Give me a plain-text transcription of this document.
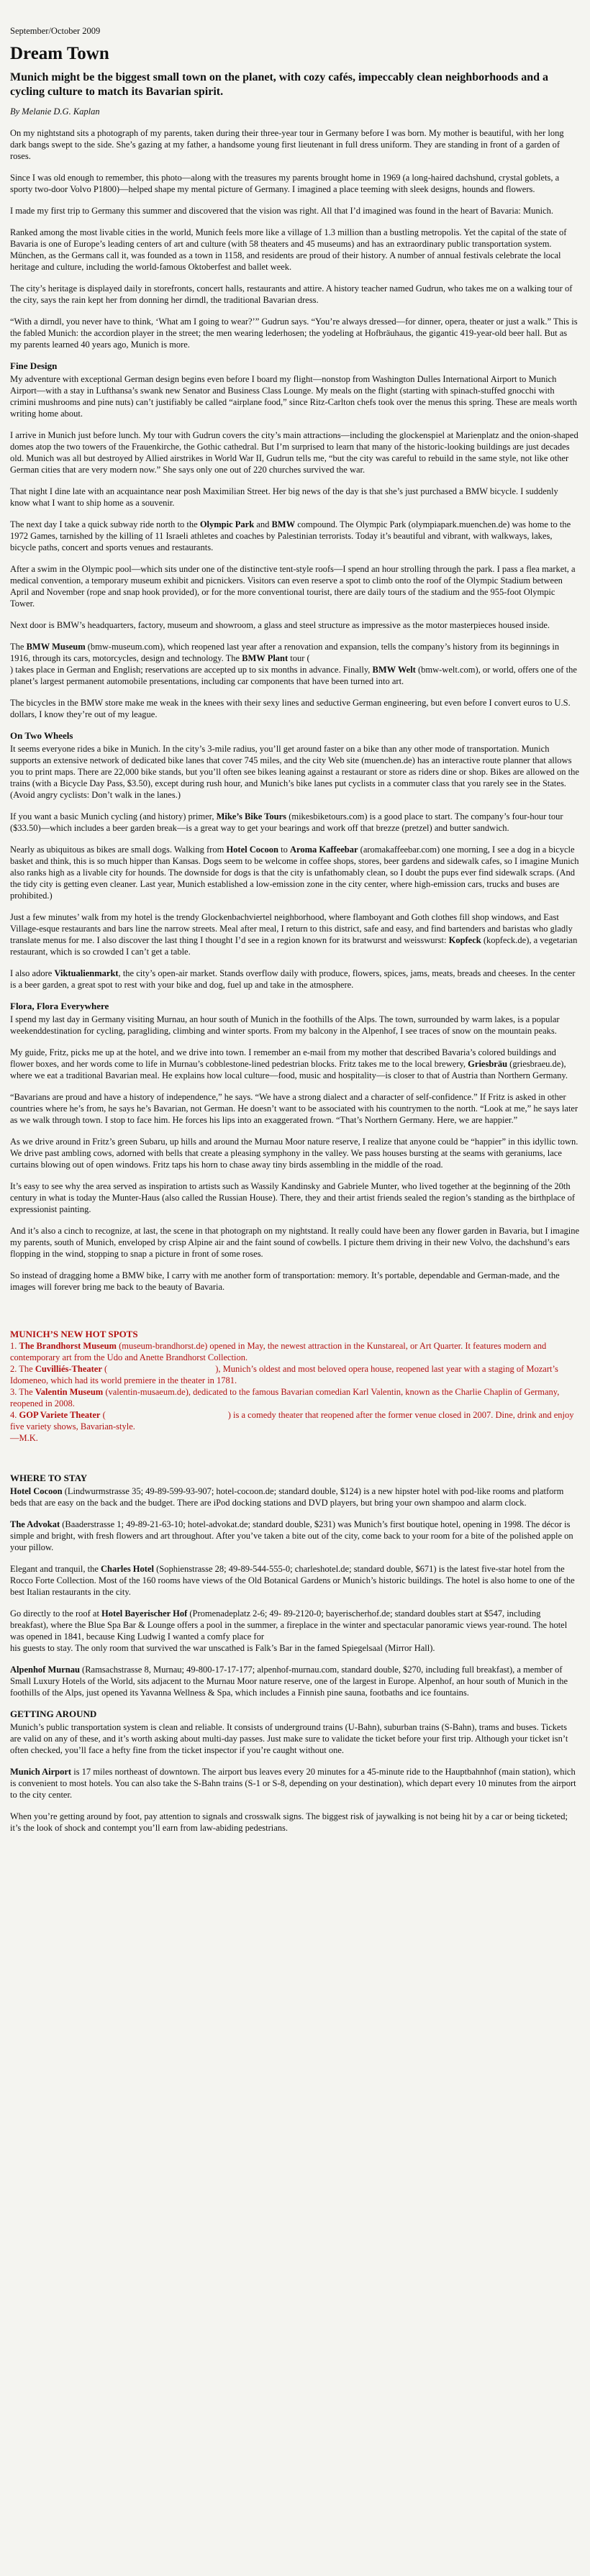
September/October 2009
Dream Town
Munich might be the biggest small town on the planet, with cozy cafés, impeccably clean neighborhoods and a cycling culture to match its Bavarian spirit.
By Melanie D.G. Kaplan

On my nightstand sits a photograph of my parents, taken during their three-year tour in Germany before I was born. My mother is beautiful, with her long dark bangs swept to the side. She’s gazing at my father, a handsome young first lieutenant in full dress uniform. They are standing in front of a garden of roses.

Since I was old enough to remember, this photo—along with the treasures my parents brought home in 1969 (a long-haired dachshund, crystal goblets, a sporty two-door Volvo P1800)—helped shape my mental picture of Germany. I imagined a place teeming with sleek designs, hounds and flowers.

I made my first trip to Germany this summer and discovered that the vision was right. All that I’d imagined was found in the heart of Bavaria: Munich.

Ranked among the most livable cities in the world, Munich feels more like a village of 1.3 million than a bustling metropolis. Yet the capital of the state of Bavaria is one of Europe’s leading centers of art and culture (with 58 theaters and 45 museums) and has an extraordinary public transportation system. München, as the Germans call it, was founded as a town in 1158, and residents are proud of their history. A number of annual festivals celebrate the local heritage and culture, including the world-famous Oktoberfest and ballet week.

The city’s heritage is displayed daily in storefronts, concert halls, restaurants and attire. A history teacher named Gudrun, who takes me on a walking tour of the city, says the rain kept her from donning her dirndl, the traditional Bavarian dress.

“With a dirndl, you never have to think, ‘What am I going to wear?’” Gudrun says. “You’re always dressed—for dinner, opera, theater or just a walk.” This is the fabled Munich: the accordion player in the street; the men wearing lederhosen; the yodeling at Hofbräuhaus, the gigantic 419-year-old beer hall. But as my parents learned 40 years ago, Munich is more.

Fine Design

My adventure with exceptional German design begins even before I board my flight—nonstop from Washington Dulles International Airport to Munich Airport—with a stay in Lufthansa’s swank new Senator and Business Class Lounge. My meals on the flight (starting with spinach-stuffed gnocchi with crimini mushrooms and pine nuts) can’t justifiably be called “airplane food,” since Ritz-Carlton chefs took over the menus this spring. These are meals worth writing home about.

I arrive in Munich just before lunch. My tour with Gudrun covers the city’s main attractions—including the glockenspiel at Marienplatz and the onion-shaped domes atop the two towers of the Frauenkirche, the Gothic cathedral. But I’m surprised to learn that many of the historic-looking buildings are just decades old. Munich was all but destroyed by Allied airstrikes in World War II, Gudrun tells me, “but the city was careful to rebuild in the same style, not like other German cities that are very modern now.” She says only one out of 220 churches survived the war.

That night I dine late with an acquaintance near posh Maximilian Street. Her big news of the day is that she’s just purchased a BMW bicycle. I suddenly know what I want to ship home as a souvenir.

The next day I take a quick subway ride north to the Olympic Park and BMW compound. The Olympic Park (olympiapark.muenchen.de) was home to the 1972 Games, tarnished by the killing of 11 Israeli athletes and coaches by Palestinian terrorists. Today it’s beautiful and vibrant, with walkways, lakes, bicycle paths, concert and sports venues and restaurants.

After a swim in the Olympic pool—which sits under one of the distinctive tent-style roofs—I spend an hour strolling through the park. I pass a flea market, a medical convention, a temporary museum exhibit and picnickers. Visitors can even reserve a spot to climb onto the roof of the Olympic Stadium between April and November (rope and snap hook provided), or for the more conventional tourist, there are daily tours of the stadium and the 955-foot Olympic Tower.

Next door is BMW’s headquarters, factory, museum and showroom, a glass and steel structure as impressive as the motor masterpieces housed inside.

The BMW Museum (bmw-museum.com), which reopened last year after a renovation and expansion, tells the company’s history from its beginnings in 1916, through its cars, motorcycles, design and technology. The BMW Plant tour (
) takes place in German and English; reservations are accepted up to six months in advance. Finally, BMW Welt (bmw-welt.com), or world, offers one of the planet’s largest permanent automobile presentations, including car components that have been turned into art.

The bicycles in the BMW store make me weak in the knees with their sexy lines and seductive German engineering, but even before I convert euros to U.S. dollars, I know they’re out of my league.

On Two Wheels

It seems everyone rides a bike in Munich. In the city’s 3-mile radius, you’ll get around faster on a bike than any other mode of transportation. Munich supports an extensive network of dedicated bike lanes that cover 745 miles, and the city Web site (muenchen.de) has an interactive route planner that allows you to print maps. There are 22,000 bike stands, but you’ll often see bikes leaning against a restaurant or store as riders dine or shop. Bikes are allowed on the trains (with a Bicycle Day Pass, $3.50), except during rush hour, and Munich’s bike lanes put cyclists in a commuter class that you rarely see in the States. (Avoid angry cyclists: Don’t walk in the lanes.)

If you want a basic Munich cycling (and history) primer, Mike’s Bike Tours (mikesbiketours.com) is a good place to start. The company’s four-hour tour ($33.50)—which includes a beer garden break—is a great way to get your bearings and work off that brezze (pretzel) and butter sandwich.

Nearly as ubiquitous as bikes are small dogs. Walking from Hotel Cocoon to Aroma Kaffeebar (aromakaffeebar.com) one morning, I see a dog in a bicycle basket and think, this is so much hipper than Kansas. Dogs seem to be welcome in coffee shops, stores, beer gardens and sidewalk cafes, so I imagine Munich also ranks high as a livable city for hounds. The downside for dogs is that the city is unfathomably clean, so I doubt the pups ever find sidewalk scraps. (And the tidy city is getting even cleaner. Last year, Munich established a low-emission zone in the city center, where high-emission cars, trucks and buses are prohibited.)

Just a few minutes’ walk from my hotel is the trendy Glockenbachviertel neighborhood, where flamboyant and Goth clothes fill shop windows, and East Village-esque restaurants and bars line the narrow streets. Meal after meal, I return to this district, safe and easy, and find bartenders and baristas who gladly translate menus for me. I also discover the last thing I thought I’d see in a region known for its bratwurst and weisswurst: Kopfeck (kopfeck.de), a vegetarian restaurant, which is so crowded I can’t get a table.

I also adore Viktualienmarkt, the city’s open-air market. Stands overflow daily with produce, flowers, spices, jams, meats, breads and cheeses. In the center is a beer garden, a great spot to rest with your bike and dog, fuel up and take in the atmosphere.

Flora, Flora Everywhere

I spend my last day in Germany visiting Murnau, an hour south of Munich in the foothills of the Alps. The town, surrounded by warm lakes, is a popular weekenddestination for cycling, paragliding, climbing and winter sports. From my balcony in the Alpenhof, I see traces of snow on the mountain peaks.

My guide, Fritz, picks me up at the hotel, and we drive into town. I remember an e-mail from my mother that described Bavaria’s colored buildings and flower boxes, and her words come to life in Murnau’s cobblestone-lined pedestrian blocks. Fritz takes me to the local brewery, Griesbräu (griesbraeu.de), where we eat a traditional Bavarian meal. He explains how local culture—food, music and hospitality—is closer to that of Austria than Northern Germany.

“Bavarians are proud and have a history of independence,” he says. “We have a strong dialect and a character of self-confidence.” If Fritz is asked in other countries where he’s from, he says he’s Bavarian, not German. He doesn’t want to be associated with his countrymen to the north. “Look at me,” he says later as we walk through town. I stop to face him. He forces his lips into an exaggerated frown. “That’s Northern Germany. Here, we are happier.”

As we drive around in Fritz’s green Subaru, up hills and around the Murnau Moor nature reserve, I realize that anyone could be “happier” in this idyllic town. We drive past ambling cows, adorned with bells that create a pleasing symphony in the valley. We pass houses bursting at the seams with geraniums, lace curtains blowing out of open windows. Fritz taps his horn to chase away tiny birds assembling in the middle of the road.

It’s easy to see why the area served as inspiration to artists such as Wassily Kandinsky and Gabriele Munter, who lived together at the beginning of the 20th century in what is today the Munter-Haus (also called the Russian House). There, they and their artist friends sealed the region’s standing as the birthplace of expressionist painting.

And it’s also a cinch to recognize, at last, the scene in that photograph on my nightstand. It really could have been any flower garden in Bavaria, but I imagine my parents, south of Munich, enveloped by crisp Alpine air and the faint sound of cowbells. I picture them driving in their new Volvo, the dachshund’s ears flopping in the wind, stopping to snap a picture in front of some roses.

So instead of dragging home a BMW bike, I carry with me another form of transportation: memory. It’s portable, dependable and German-made, and the images will forever bring me back to the beauty of Bavaria.

MUNICH’S NEW HOT SPOTS
1. The Brandhorst Museum (museum-brandhorst.de) opened in May, the newest attraction in the Kunstareal, or Art Quarter. It features modern and contemporary art from the Udo and Anette Brandhorst Collection.
2. The Cuvilliés-Theater (	), Munich’s oldest and most beloved opera house, reopened last year with a staging of Mozart’s Idomeneo, which had its world premiere in the theater in 1781.
3. The Valentin Museum (valentin-musaeum.de), dedicated to the famous Bavarian comedian Karl Valentin, known as the Charlie Chaplin of Germany, reopened in 2008.
4. GOP Variete Theater (	) is a comedy theater that reopened after the former venue closed in 2007. Dine, drink and enjoy five variety shows, Bavarian-style.
—M.K.
WHERE TO STAY

Hotel Cocoon (Lindwurmstrasse 35; 49-89-599-93-907; hotel-cocoon.de; standard double, $124) is a new hipster hotel with pod-like rooms and platform beds that are easy on the back and the budget. There are iPod docking stations and DVD players, but bring your own shampoo and alarm clock.

The Advokat (Baaderstrasse 1; 49-89-21-63-10; hotel-advokat.de; standard double, $231) was Munich’s first boutique hotel, opening in 1998. The décor is simple and bright, with fresh flowers and art throughout. After you’ve taken a bite out of the city, come back to your room for a bite of the polished apple on your pillow.

Elegant and tranquil, the Charles Hotel (Sophienstrasse 28; 49-89-544-555-0; charleshotel.de; standard double, $671) is the latest five-star hotel from the Rocco Forte Collection. Most of the 160 rooms have views of the Old Botanical Gardens or Munich’s historic buildings. The hotel is also home to one of the best Italian restaurants in the city.

Go directly to the roof at Hotel Bayerischer Hof (Promenadeplatz 2-6; 49- 89-2120-0; bayerischerhof.de; standard doubles start at $547, including breakfast), where the Blue Spa Bar & Lounge offers a pool in the summer, a fireplace in the winter and spectacular panoramic views year-round. The hotel was opened in 1841, because King Ludwig I wanted a comfy place for
his guests to stay. The only room that survived the war unscathed is Falk’s Bar in the famed Spiegelsaal (Mirror Hall).

Alpenhof Murnau (Ramsachstrasse 8, Murnau; 49-800-17-17-177; alpenhof-murnau.com, standard double, $270, including full breakfast), a member of Small Luxury Hotels of the World, sits adjacent to the Murnau Moor nature reserve, one of the largest in Europe. Alpenhof, an hour south of Munich in the foothills of the Alps, just opened its Yavanna Wellness & Spa, which includes a Finnish pine sauna, footbaths and ice fountains.

GETTING AROUND

Munich’s public transportation system is clean and reliable. It consists of underground trains (U-Bahn), suburban trains (S-Bahn), trams and buses. Tickets are valid on any of these, and it’s worth asking about multi-day passes. Just make sure to validate the ticket before your first trip. Although your ticket isn’t often checked, you’ll face a hefty fine from the ticket inspector if you’re caught without one.

Munich Airport is 17 miles northeast of downtown. The airport bus leaves every 20 minutes for a 45-minute ride to the Hauptbahnhof (main station), which is convenient to most hotels. You can also take the S-Bahn trains (S-1 or S-8, depending on your destination), which depart every 10 minutes from the airport to the city center.

When you’re getting around by foot, pay attention to signals and crosswalk signs. The biggest risk of jaywalking is not being hit by a car or being ticketed; it’s the look of shock and contempt you’ll earn from law-abiding pedestrians.
